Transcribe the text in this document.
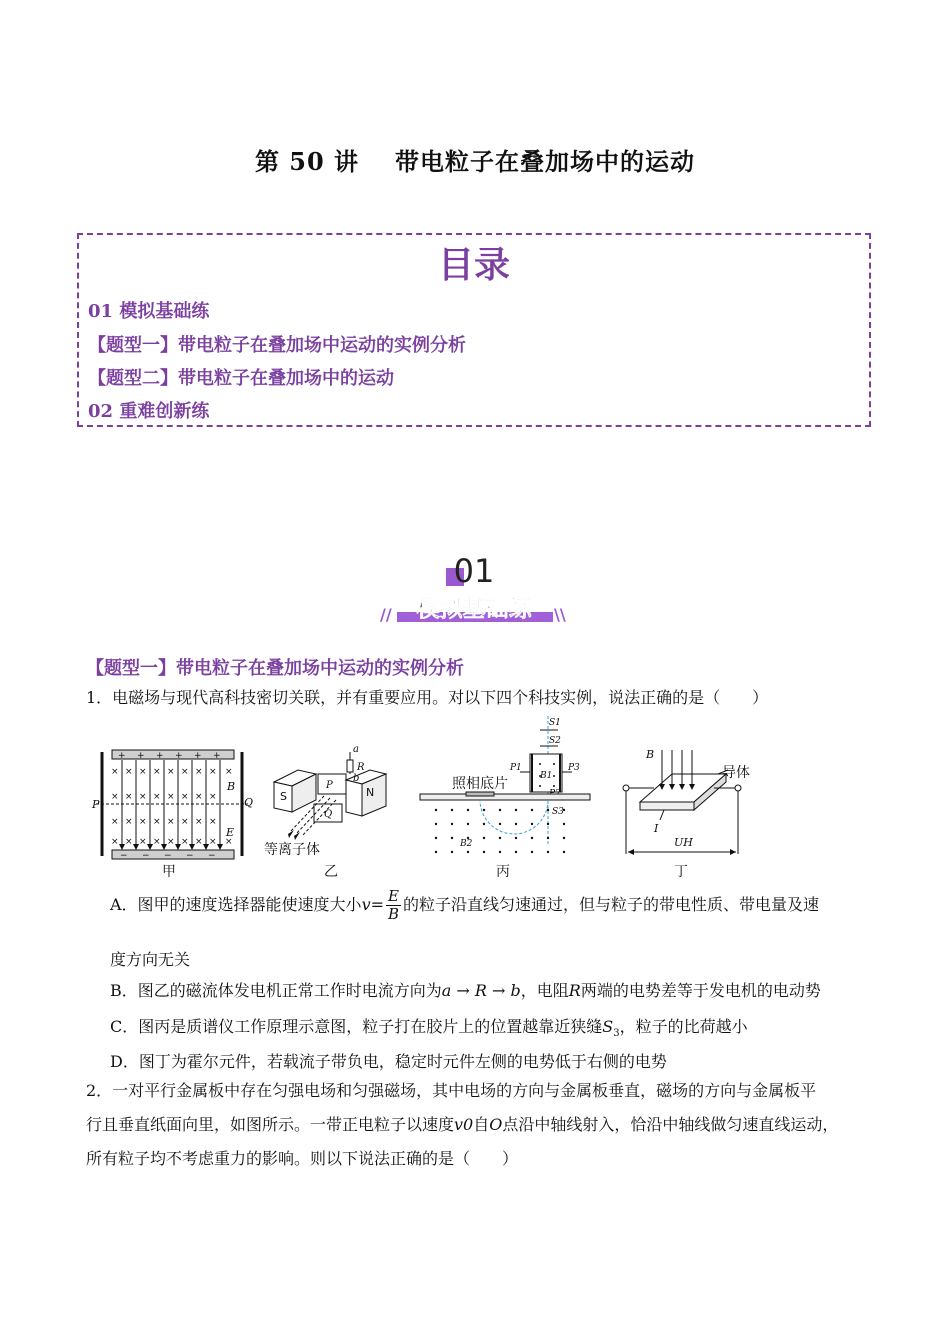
第 50 讲 带电粒子在叠加场中的运动
目录
01 模拟基础练
【题型一】带电粒子在叠加场中运动的实例分析
【题型二】带电粒子在叠加场中的运动
02 重难创新练
01
//	\\
模拟基础练
【题型一】带电粒子在叠加场中运动的实例分析
1．电磁场与现代高科技密切关联，并有重要应用。对以下四个科技实例，说法正确的是（　　）
+ + + + + +
− − − − −
× × × × × × × × ×
× × × × × × × ×
× × × × × × × ×
× × × × × × × × ×
P	Q
B
E
甲
S
P
Q
N
a
R
b
等离子体
乙
S1
S2
P1
B1
P3
照相底片
S3
B2
丙
B
导体
I
UH
丁
A．图甲的速度选择器能使速度大小$v= \frac{E}{B}$ 的粒子沿直线匀速通过，但与粒子的带电性质、带电量及速
度方向无关
B．图乙的磁流体发电机正常工作时电流方向为a → R → b，电阻R两端的电势差等于发电机的电动势
C．图丙是质谱仪工作原理示意图，粒子打在胶片上的位置越靠近狭缝$S_3$，粒子的比荷越小
D．图丁为霍尔元件，若载流子带负电，稳定时元件左侧的电势低于右侧的电势
2．一对平行金属板中存在匀强电场和匀强磁场，其中电场的方向与金属板垂直，磁场的方向与金属板平
行且垂直纸面向里，如图所示。一带正电粒子以速度v0自O点沿中轴线射入，恰沿中轴线做匀速直线运动，
所有粒子均不考虑重力的影响。则以下说法正确的是（　　）
